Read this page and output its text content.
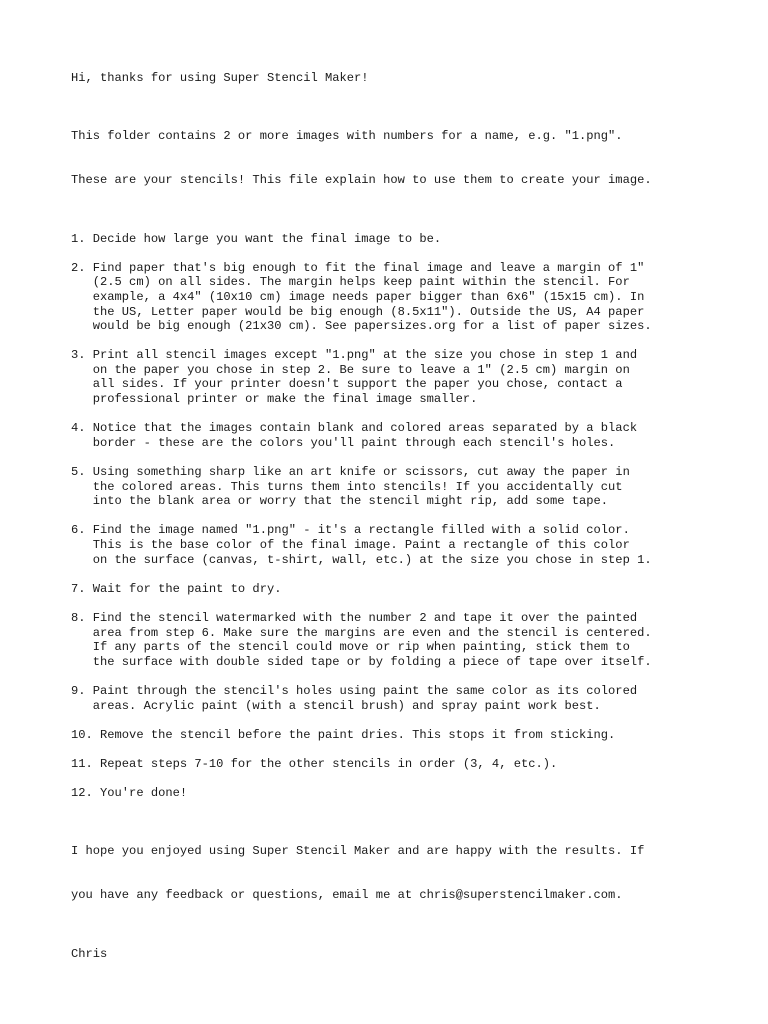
Hi, thanks for using Super Stencil Maker!

This folder contains 2 or more images with numbers for a name, e.g. "1.png".

These are your stencils! This file explain how to use them to create your image.

1. Decide how large you want the final image to be.
2. Find paper that's big enough to fit the final image and leave a margin of 1"
(2.5 cm) on all sides. The margin helps keep paint within the stencil. For
example, a 4x4" (10x10 cm) image needs paper bigger than 6x6" (15x15 cm). In
the US, Letter paper would be big enough (8.5x11"). Outside the US, A4 paper
would be big enough (21x30 cm). See papersizes.org for a list of paper sizes.
3. Print all stencil images except "1.png" at the size you chose in step 1 and
on the paper you chose in step 2. Be sure to leave a 1" (2.5 cm) margin on
all sides. If your printer doesn't support the paper you chose, contact a
professional printer or make the final image smaller.
4. Notice that the images contain blank and colored areas separated by a black
border - these are the colors you'll paint through each stencil's holes.
5. Using something sharp like an art knife or scissors, cut away the paper in
the colored areas. This turns them into stencils! If you accidentally cut
into the blank area or worry that the stencil might rip, add some tape.
6. Find the image named "1.png" - it's a rectangle filled with a solid color.
This is the base color of the final image. Paint a rectangle of this color
on the surface (canvas, t-shirt, wall, etc.) at the size you chose in step 1.
7. Wait for the paint to dry.
8. Find the stencil watermarked with the number 2 and tape it over the painted
area from step 6. Make sure the margins are even and the stencil is centered.
If any parts of the stencil could move or rip when painting, stick them to
the surface with double sided tape or by folding a piece of tape over itself.
9. Paint through the stencil's holes using paint the same color as its colored
areas. Acrylic paint (with a stencil brush) and spray paint work best.
10. Remove the stencil before the paint dries. This stops it from sticking.
11. Repeat steps 7-10 for the other stencils in order (3, 4, etc.).
12. You're done!

I hope you enjoyed using Super Stencil Maker and are happy with the results. If

you have any feedback or questions, email me at chris@superstencilmaker.com.

Chris
